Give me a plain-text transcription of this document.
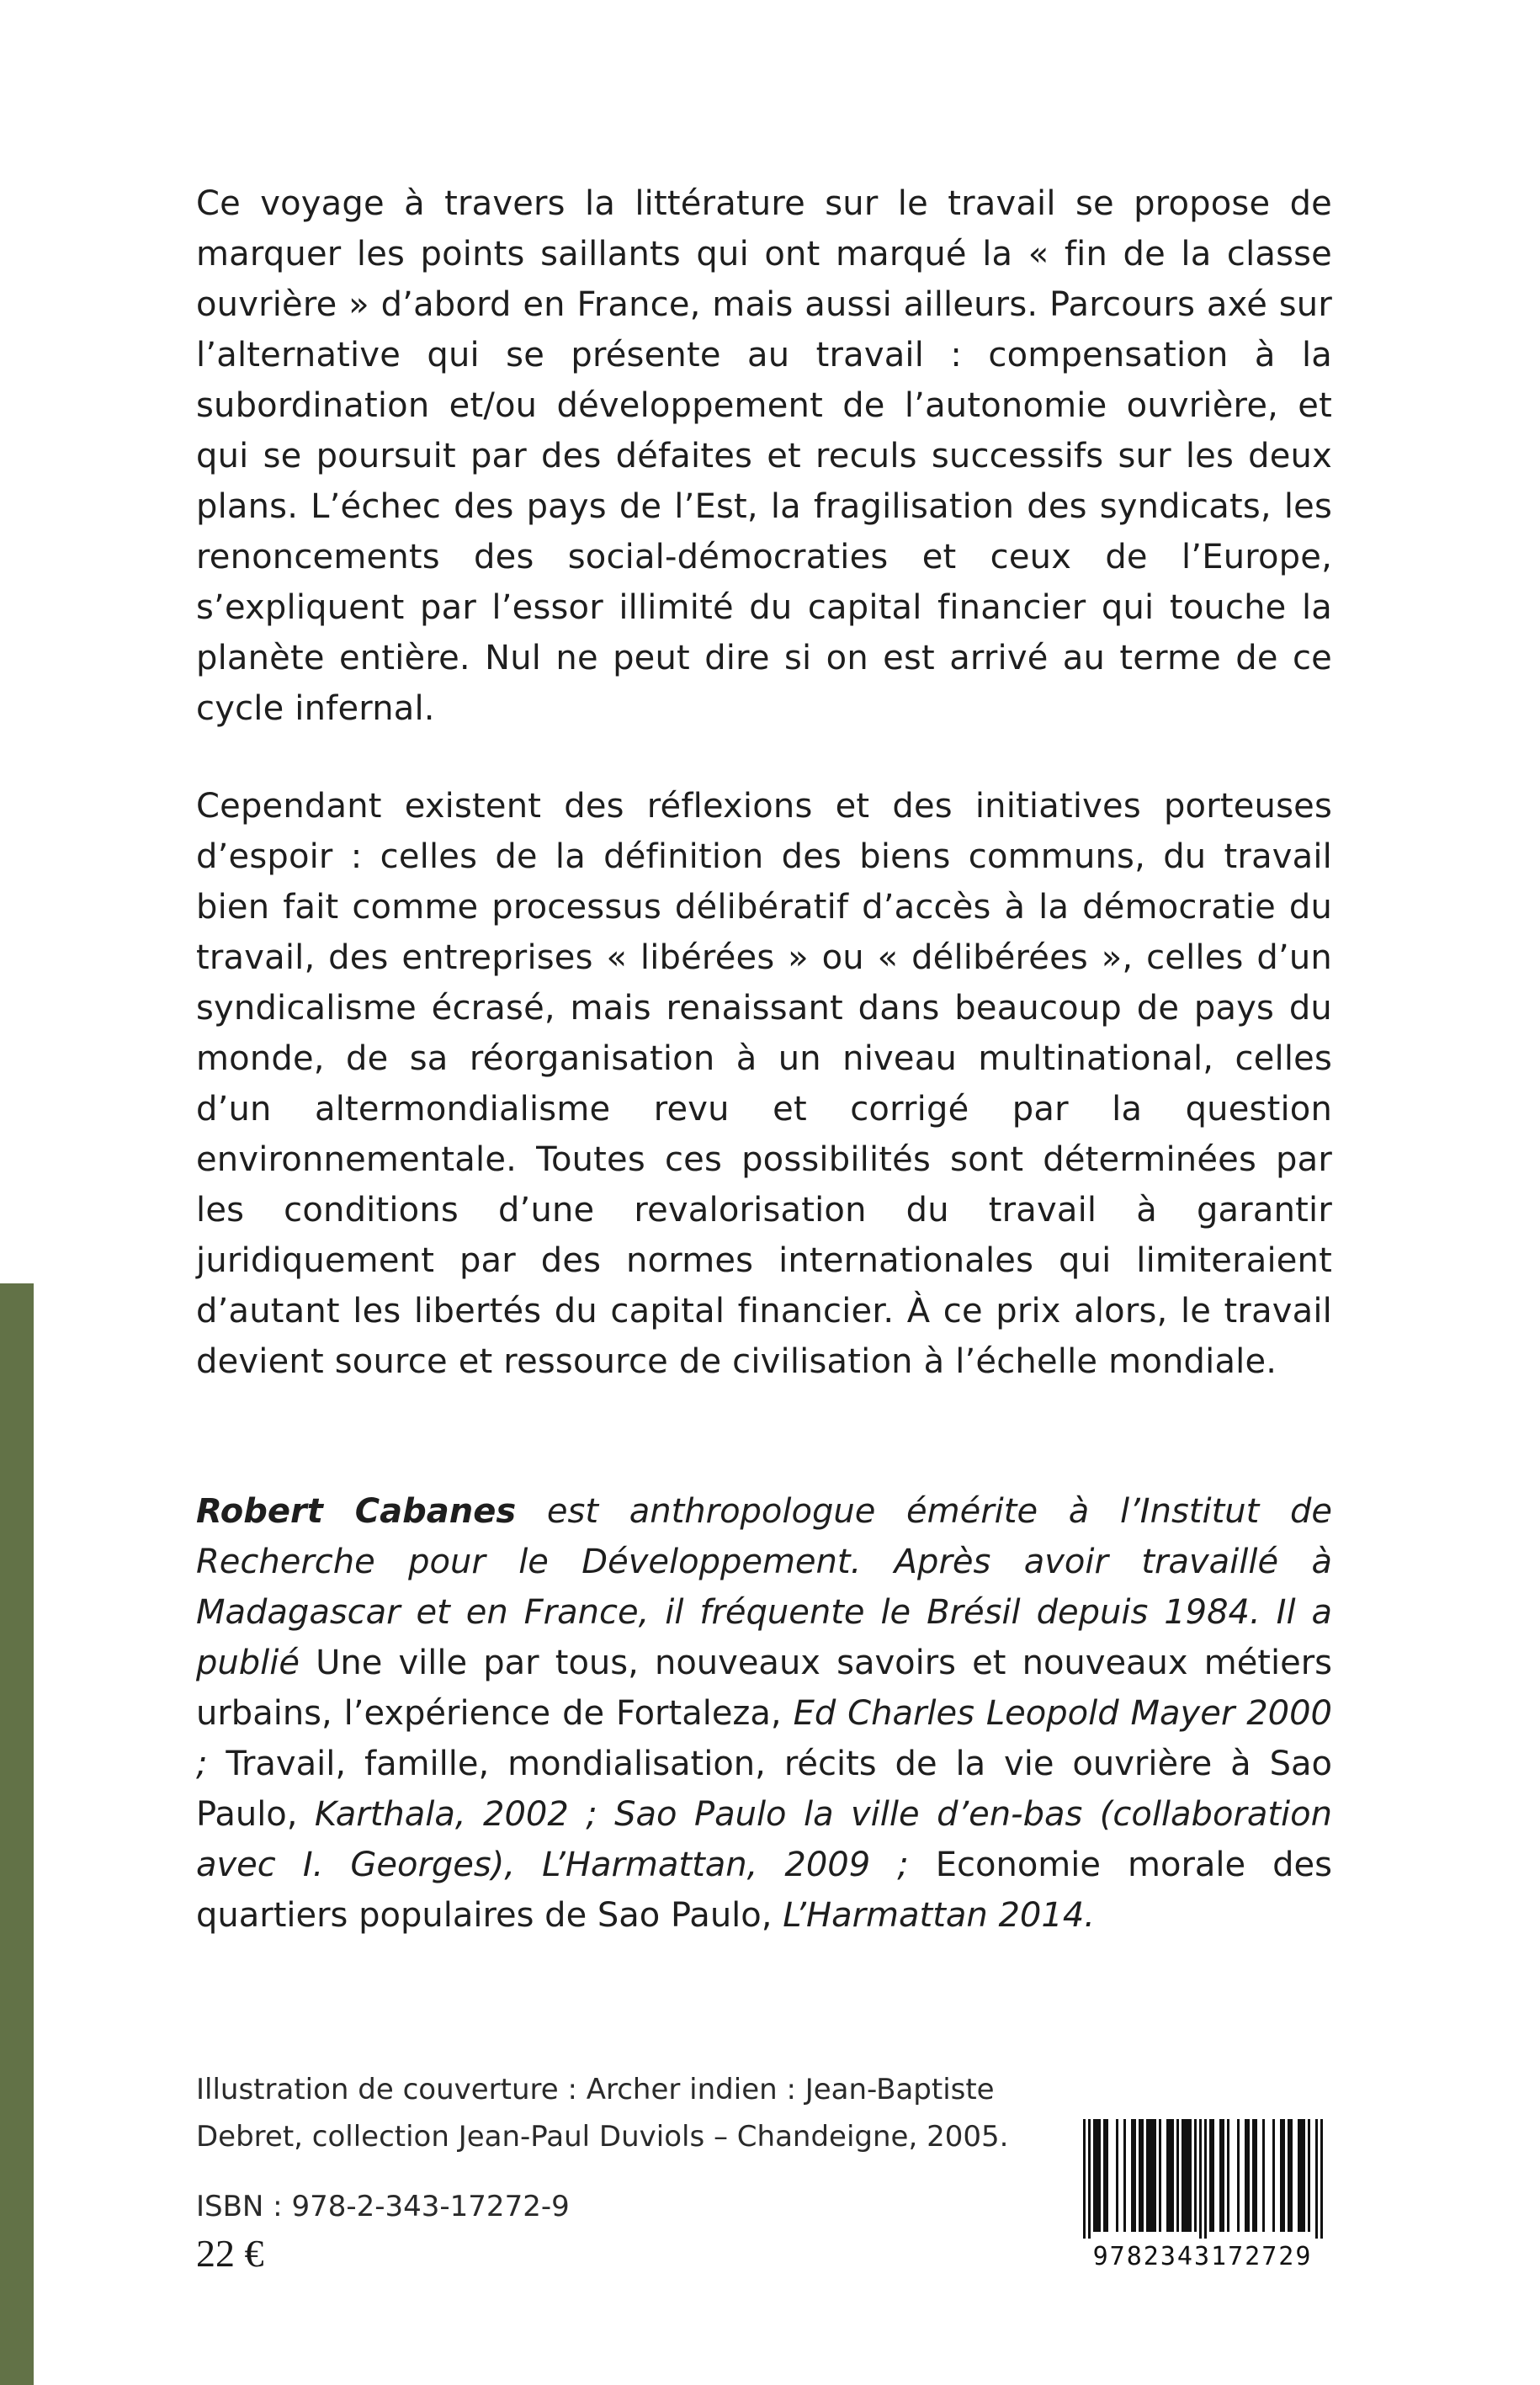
Ce voyage à travers la littérature sur le travail se propose de marquer les points saillants qui ont marqué la « fin de la classe ouvrière » d’abord en France, mais aussi ailleurs. Parcours axé sur l’alternative qui se présente au travail : compensation à la subordination et/ou développement de l’autonomie ouvrière, et qui se poursuit par des défaites et reculs successifs sur les deux plans. L’échec des pays de l’Est, la fragilisation des syndicats, les renoncements des social-démocraties et ceux de l’Europe, s’expliquent par l’essor illimité du capital financier qui touche la planète entière. Nul ne peut dire si on est arrivé au terme de ce cycle infernal.

Cependant existent des réflexions et des initiatives porteuses d’espoir : celles de la définition des biens communs, du travail bien fait comme processus délibératif d’accès à la démocratie du travail, des entreprises « libérées » ou « délibérées », celles d’un syndicalisme écrasé, mais renaissant dans beaucoup de pays du monde, de sa réorganisation à un niveau multinational, celles d’un altermondialisme revu et corrigé par la question environnementale. Toutes ces possibilités sont déterminées par les conditions d’une revalorisation du travail à garantir juridiquement par des normes internationales qui limiteraient d’autant les libertés du capital financier. À ce prix alors, le travail devient source et ressource de civilisation à l’échelle mondiale.

Robert Cabanes est anthropologue émérite à l’Institut de Recherche pour le Développement. Après avoir travaillé à Madagascar et en France, il fréquente le Brésil depuis 1984. Il a publié Une ville par tous, nouveaux savoirs et nouveaux métiers urbains, l’expérience de Fortaleza, Ed Charles Leopold Mayer 2000 ; Travail, famille, mondialisation, récits de la vie ouvrière à Sao Paulo, Karthala, 2002 ; Sao Paulo la ville d’en-bas (collaboration avec I. Georges), L’Harmattan, 2009 ; Economie morale des quartiers populaires de Sao Paulo, L’Harmattan 2014.
Illustration de couverture : Archer indien : Jean-Baptiste
Debret, collection Jean-Paul Duviols – Chandeigne, 2005.
ISBN : 978-2-343-17272-9
22 €	9782343172729
